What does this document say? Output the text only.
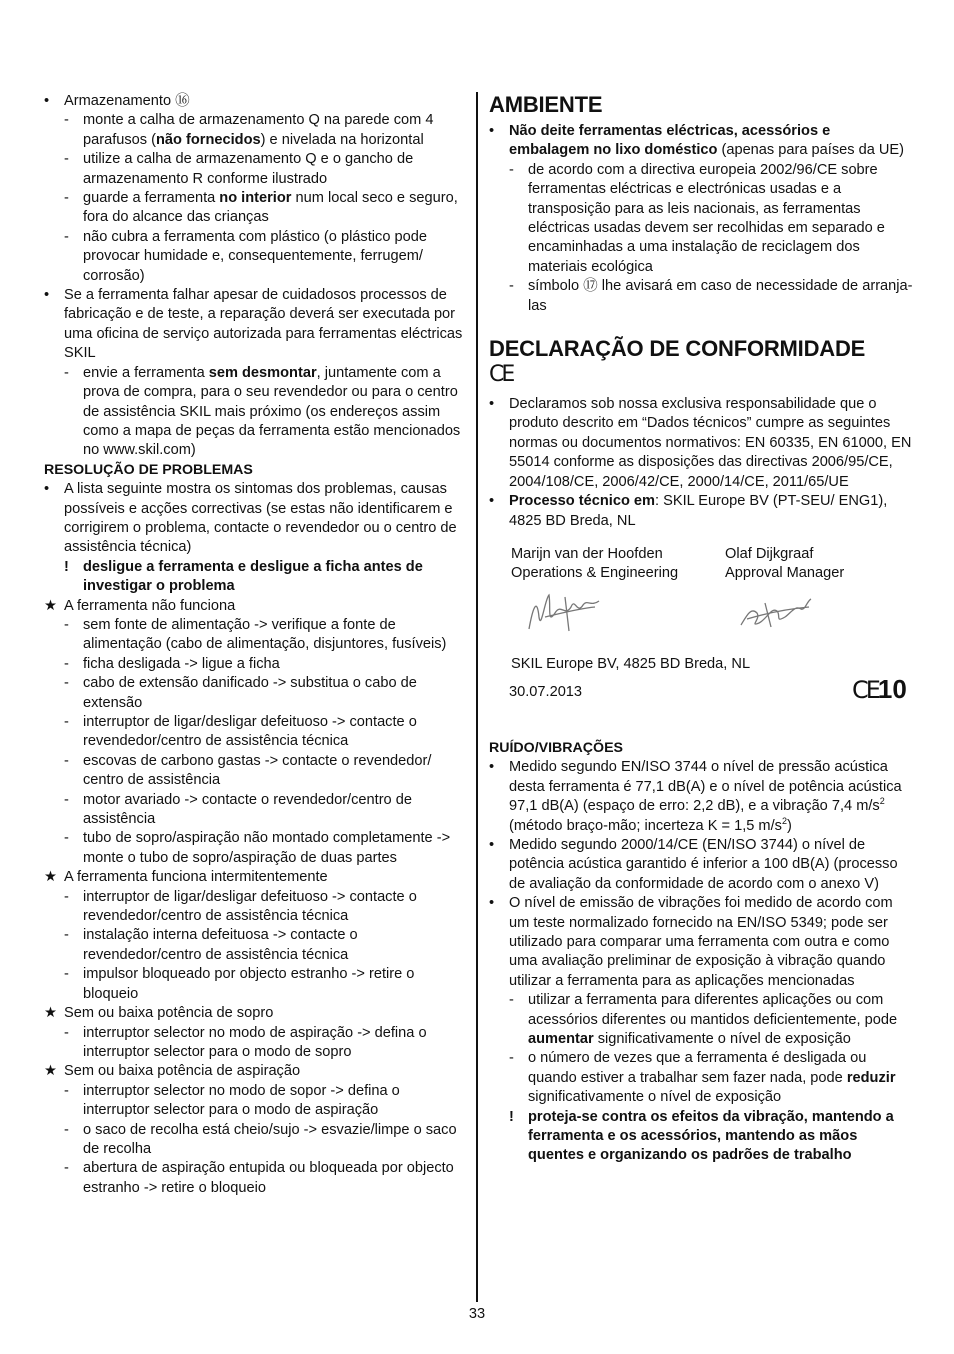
•	Armazenamento ⑯
- monte a calha de armazenamento Q na parede com 4 parafusos (não fornecidos) e nivelada na horizontal
- utilize a calha de armazenamento Q e o gancho de armazenamento R conforme ilustrado
- guarde a ferramenta no interior num local seco e seguro, fora do alcance das crianças
- não cubra a ferramenta com plástico (o plástico pode provocar humidade e, consequentemente, ferrugem/ corrosão)
•	Se a ferramenta falhar apesar de cuidadosos processos de fabricação e de teste, a reparação deverá ser executada por uma oficina de serviço autorizada para ferramentas eléctricas SKIL
- envie a ferramenta sem desmontar, juntamente com a prova de compra, para o seu revendedor ou para o centro de assistência SKIL mais próximo (os endereços assim como a mapa de peças da ferramenta estão mencionados no www.skil.com)
RESOLUÇÃO DE PROBLEMAS
•	A lista seguinte mostra os sintomas dos problemas, causas possíveis e acções correctivas (se estas não identificarem e corrigirem o problema, contacte o revendedor ou o centro de assistência técnica)
! desligue a ferramenta e desligue a ficha antes de investigar o problema
★ A ferramenta não funciona
- sem fonte de alimentação -> verifique a fonte de alimentação (cabo de alimentação, disjuntores, fusíveis)
- ficha desligada -> ligue a ficha
- cabo de extensão danificado -> substitua o cabo de extensão
- interruptor de ligar/desligar defeituoso -> contacte o revendedor/centro de assistência técnica
- escovas de carbono gastas -> contacte o revendedor/ centro de assistência
- motor avariado -> contacte o revendedor/centro de assistência
- tubo de sopro/aspiração não montado completamente -> monte o tubo de sopro/aspiração de duas partes
★ A ferramenta funciona intermitentemente
- interruptor de ligar/desligar defeituoso -> contacte o revendedor/centro de assistência técnica
- instalação interna defeituosa -> contacte o revendedor/centro de assistência técnica
- impulsor bloqueado por objecto estranho -> retire o bloqueio
★ Sem ou baixa potência de sopro
- interruptor selector no modo de aspiração -> defina o interruptor selector para o modo de sopro
★ Sem ou baixa potência de aspiração
- interruptor selector no modo de sopor -> defina o interruptor selector para o modo de aspiração
- o saco de recolha está cheio/sujo -> esvazie/limpe o saco de recolha
- abertura de aspiração entupida ou bloqueada por objecto estranho -> retire o bloqueio
AMBIENTE
•	Não deite ferramentas eléctricas, acessórios e embalagem no lixo doméstico (apenas para países da UE)
- de acordo com a directiva europeia 2002/96/CE sobre ferramentas eléctricas e electrónicas usadas e a transposição para as leis nacionais, as ferramentas eléctricas usadas devem ser recolhidas em separado e encaminhadas a uma instalação de reciclagem dos materiais ecológica
- símbolo ⑰ lhe avisará em caso de necessidade de arranja-las
DECLARAÇÃO DE CONFORMIDADE
CE
•	Declaramos sob nossa exclusiva responsabilidade que o produto descrito em “Dados técnicos” cumpre as seguintes normas ou documentos normativos: EN 60335, EN 61000, EN 55014 conforme as disposições das directivas 2006/95/CE, 2004/108/CE, 2006/42/CE, 2000/14/CE, 2011/65/UE
•	Processo técnico em: SKIL Europe BV (PT-SEU/ ENG1), 4825 BD Breda, NL
Marijn van der Hoofden
Operations & Engineering
Olaf Dijkgraaf
Approval Manager
SKIL Europe BV, 4825 BD Breda, NL
30.07.2013	CE10
RUÍDO/VIBRAÇÕES
•	Medido segundo EN/ISO 3744 o nível de pressão acústica desta ferramenta é 77,1 dB(A) e o nível de potência acústica 97,1 dB(A) (espaço de erro: 2,2 dB), e a vibração 7,4 $m/s^2$ (método braço-mão; incerteza K = 1,5 $m/s^2$)
•	Medido segundo 2000/14/CE (EN/ISO 3744) o nível de potência acústica garantido é inferior a 100 dB(A) (processo de avaliação da conformidade de acordo com o anexo V)
•	O nível de emissão de vibrações foi medido de acordo com um teste normalizado fornecido na EN/ISO 5349; pode ser utilizado para comparar uma ferramenta com outra e como uma avaliação preliminar de exposição à vibração quando utilizar a ferramenta para as aplicações mencionadas
- utilizar a ferramenta para diferentes aplicações ou com acessórios diferentes ou mantidos deficientemente, pode aumentar significativamente o nível de exposição
- o número de vezes que a ferramenta é desligada ou quando estiver a trabalhar sem fazer nada, pode reduzir significativamente o nível de exposição
! proteja-se contra os efeitos da vibração, mantendo a ferramenta e os acessórios, mantendo as mãos quentes e organizando os padrões de trabalho
33
